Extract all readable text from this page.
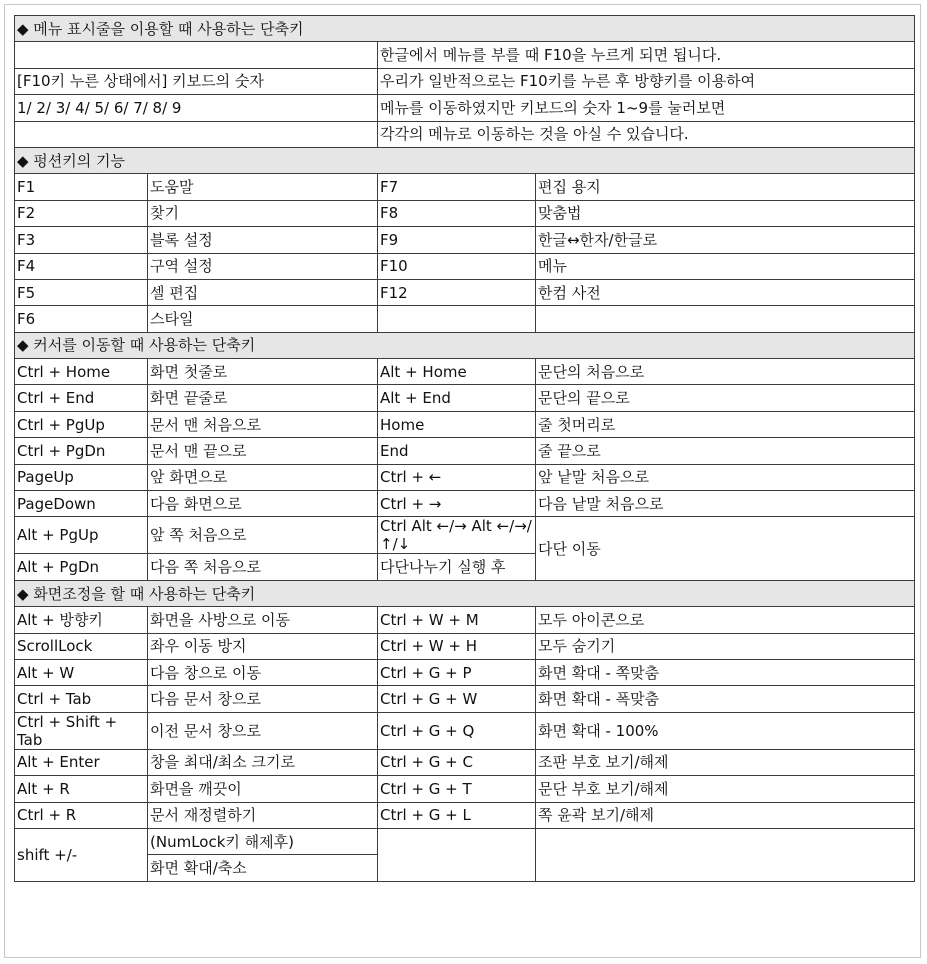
◆ 메뉴 표시줄을 이용할 때 사용하는 단축키			
		한글에서 메뉴를 부를 때 F10을 누르게 되면 됩니다.	
[F10키 누른 상태에서] 키보드의 숫자		우리가 일반적으로는 F10키를 누른 후 방향키를 이용하여	
1/ 2/ 3/ 4/ 5/ 6/ 7/ 8/ 9		메뉴를 이동하였지만 키보드의 숫자 1~9를 눌러보면	
		각각의 메뉴로 이동하는 것을 아실 수 있습니다.	
◆ 펑션키의 기능			
F1	도움말	F7	편집 용지
F2	찾기	F8	맞춤법
F3	블록 설정	F9	한글↔한자/한글로
F4	구역 설정	F10	메뉴
F5	셀 편집	F12	한컴 사전
F6	스타일		
◆ 커서를 이동할 때 사용하는 단축키			
Ctrl + Home	화면 첫줄로	Alt + Home	문단의 처음으로
Ctrl + End	화면 끝줄로	Alt + End	문단의 끝으로
Ctrl + PgUp	문서 맨 처음으로	Home	줄 첫머리로
Ctrl + PgDn	문서 맨 끝으로	End	줄 끝으로
PageUp	앞 화면으로	Ctrl + ←	앞 낱말 처음으로
PageDown	다음 화면으로	Ctrl + →	다음 낱말 처음으로
Alt + PgUp	앞 쪽 처음으로	Ctrl Alt ←/→ Alt ←/→/↑/↓	다단 이동
Alt + PgDn	다음 쪽 처음으로	다단나누기 실행 후	
◆ 화면조정을 할 때 사용하는 단축키			
Alt + 방향키	화면을 사방으로 이동	Ctrl + W + M	모두 아이콘으로
ScrollLock	좌우 이동 방지	Ctrl + W + H	모두 숨기기
Alt + W	다음 창으로 이동	Ctrl + G + P	화면 확대 - 쪽맞춤
Ctrl + Tab	다음 문서 창으로	Ctrl + G + W	화면 확대 - 폭맞춤
Ctrl + Shift + Tab	이전 문서 창으로	Ctrl + G + Q	화면 확대 - 100%
Alt + Enter	창을 최대/최소 크기로	Ctrl + G + C	조판 부호 보기/해제
Alt + R	화면을 깨끗이	Ctrl + G + T	문단 부호 보기/해제
Ctrl + R	문서 재정렬하기	Ctrl + G + L	쪽 윤곽 보기/해제
shift +/-	(NumLock키 해제후)		
	화면 확대/축소		
